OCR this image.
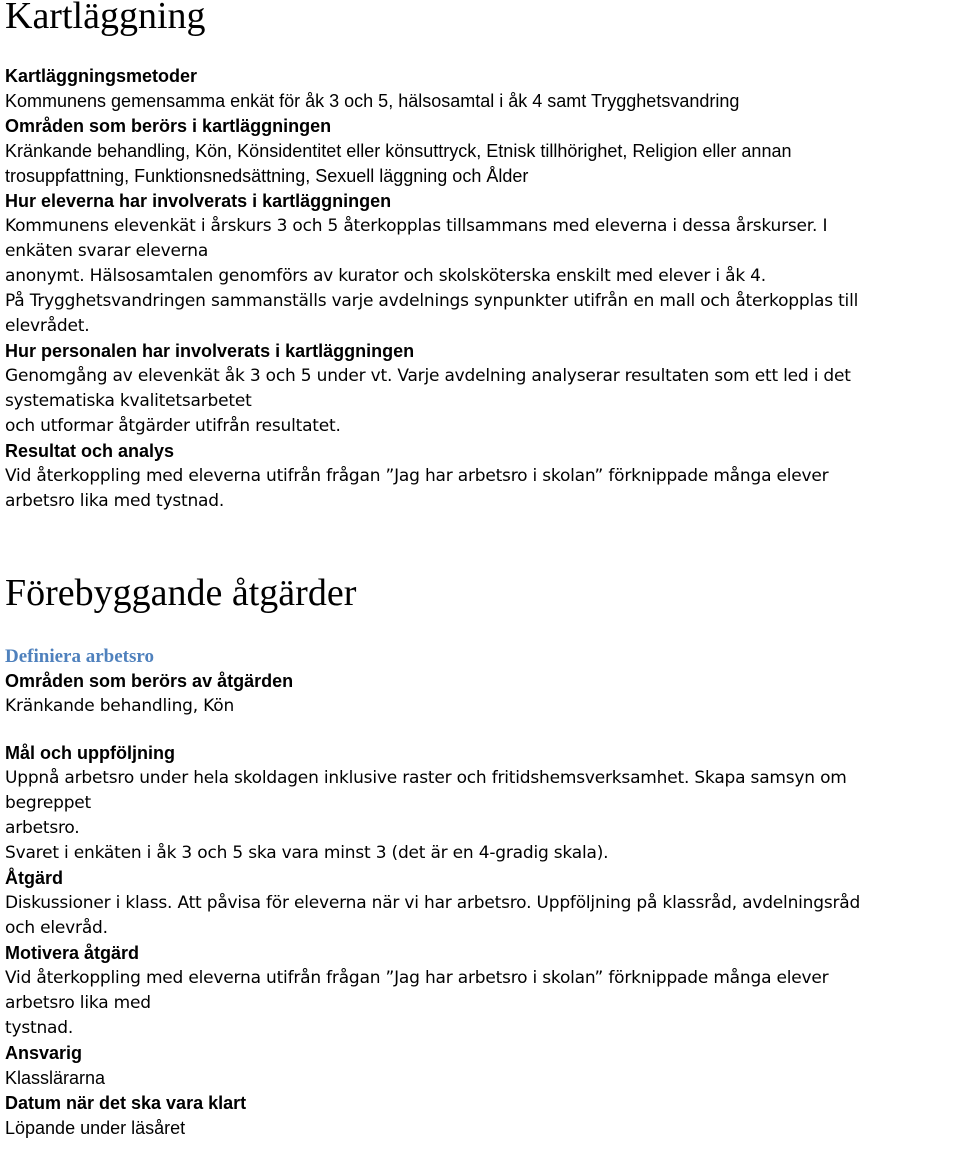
Kartläggning
Kartläggningsmetoder
Kommunens gemensamma enkät för åk 3 och 5, hälsosamtal i åk 4 samt Trygghetsvandring
Områden som berörs i kartläggningen
Kränkande behandling, Kön, Könsidentitet eller könsuttryck, Etnisk tillhörighet, Religion eller annan
trosuppfattning, Funktionsnedsättning, Sexuell läggning och Ålder
Hur eleverna har involverats i kartläggningen
Kommunens elevenkät i årskurs 3 och 5 återkopplas tillsammans med eleverna i dessa årskurser. I
enkäten svarar eleverna
anonymt. Hälsosamtalen genomförs av kurator och skolsköterska enskilt med elever i åk 4.
På Trygghetsvandringen sammanställs varje avdelnings synpunkter utifrån en mall och återkopplas till
elevrådet.
Hur personalen har involverats i kartläggningen
Genomgång av elevenkät åk 3 och 5 under vt. Varje avdelning analyserar resultaten som ett led i det
systematiska kvalitetsarbetet
och utformar åtgärder utifrån resultatet.
Resultat och analys
Vid återkoppling med eleverna utifrån frågan ”Jag har arbetsro i skolan” förknippade många elever
arbetsro lika med tystnad.
Förebyggande åtgärder
Definiera arbetsro
Områden som berörs av åtgärden
Kränkande behandling, Kön
Mål och uppföljning
Uppnå arbetsro under hela skoldagen inklusive raster och fritidshemsverksamhet. Skapa samsyn om
begreppet
arbetsro.
Svaret i enkäten i åk 3 och 5 ska vara minst 3 (det är en 4-gradig skala).
Åtgärd
Diskussioner i klass. Att påvisa för eleverna när vi har arbetsro. Uppföljning på klassråd, avdelningsråd
och elevråd.
Motivera åtgärd
Vid återkoppling med eleverna utifrån frågan ”Jag har arbetsro i skolan” förknippade många elever
arbetsro lika med
tystnad.
Ansvarig
Klasslärarna
Datum när det ska vara klart
Löpande under läsåret
